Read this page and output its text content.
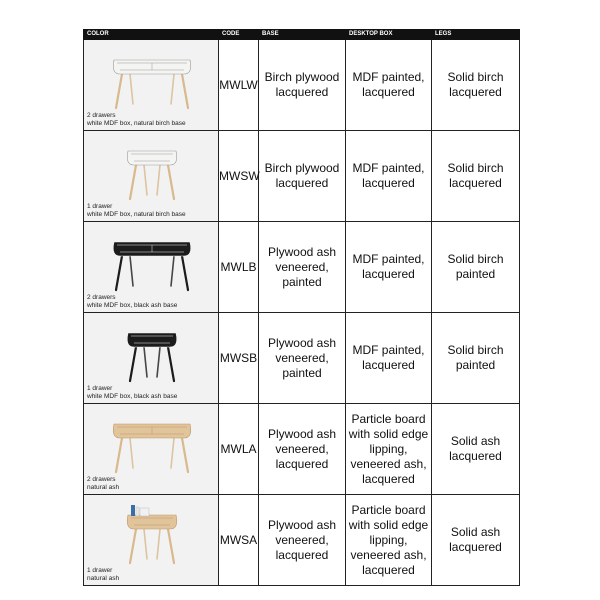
COLOR	CODE	BASE	DESKTOP BOX	LEGS

2 drawers
white MDF box, natural birch base	MWLW	Birch plywood lacquered	MDF painted, lacquered	Solid birch lacquered

1 drawer
white MDF box, natural birch base	MWSW	Birch plywood lacquered	MDF painted, lacquered	Solid birch lacquered

2 drawers
white MDF box, black ash base	MWLB	Plywood ash veneered, painted	MDF painted, lacquered	Solid birch painted

1 drawer
white MDF box, black ash base	MWSB	Plywood ash veneered, painted	MDF painted, lacquered	Solid birch painted

2 drawers
natural ash	MWLA	Plywood ash veneered, lacquered	Particle board with solid edge lipping, veneered ash, lacquered	Solid ash lacquered

1 drawer
natural ash	MWSA	Plywood ash veneered, lacquered	Particle board with solid edge lipping, veneered ash, lacquered	Solid ash lacquered
